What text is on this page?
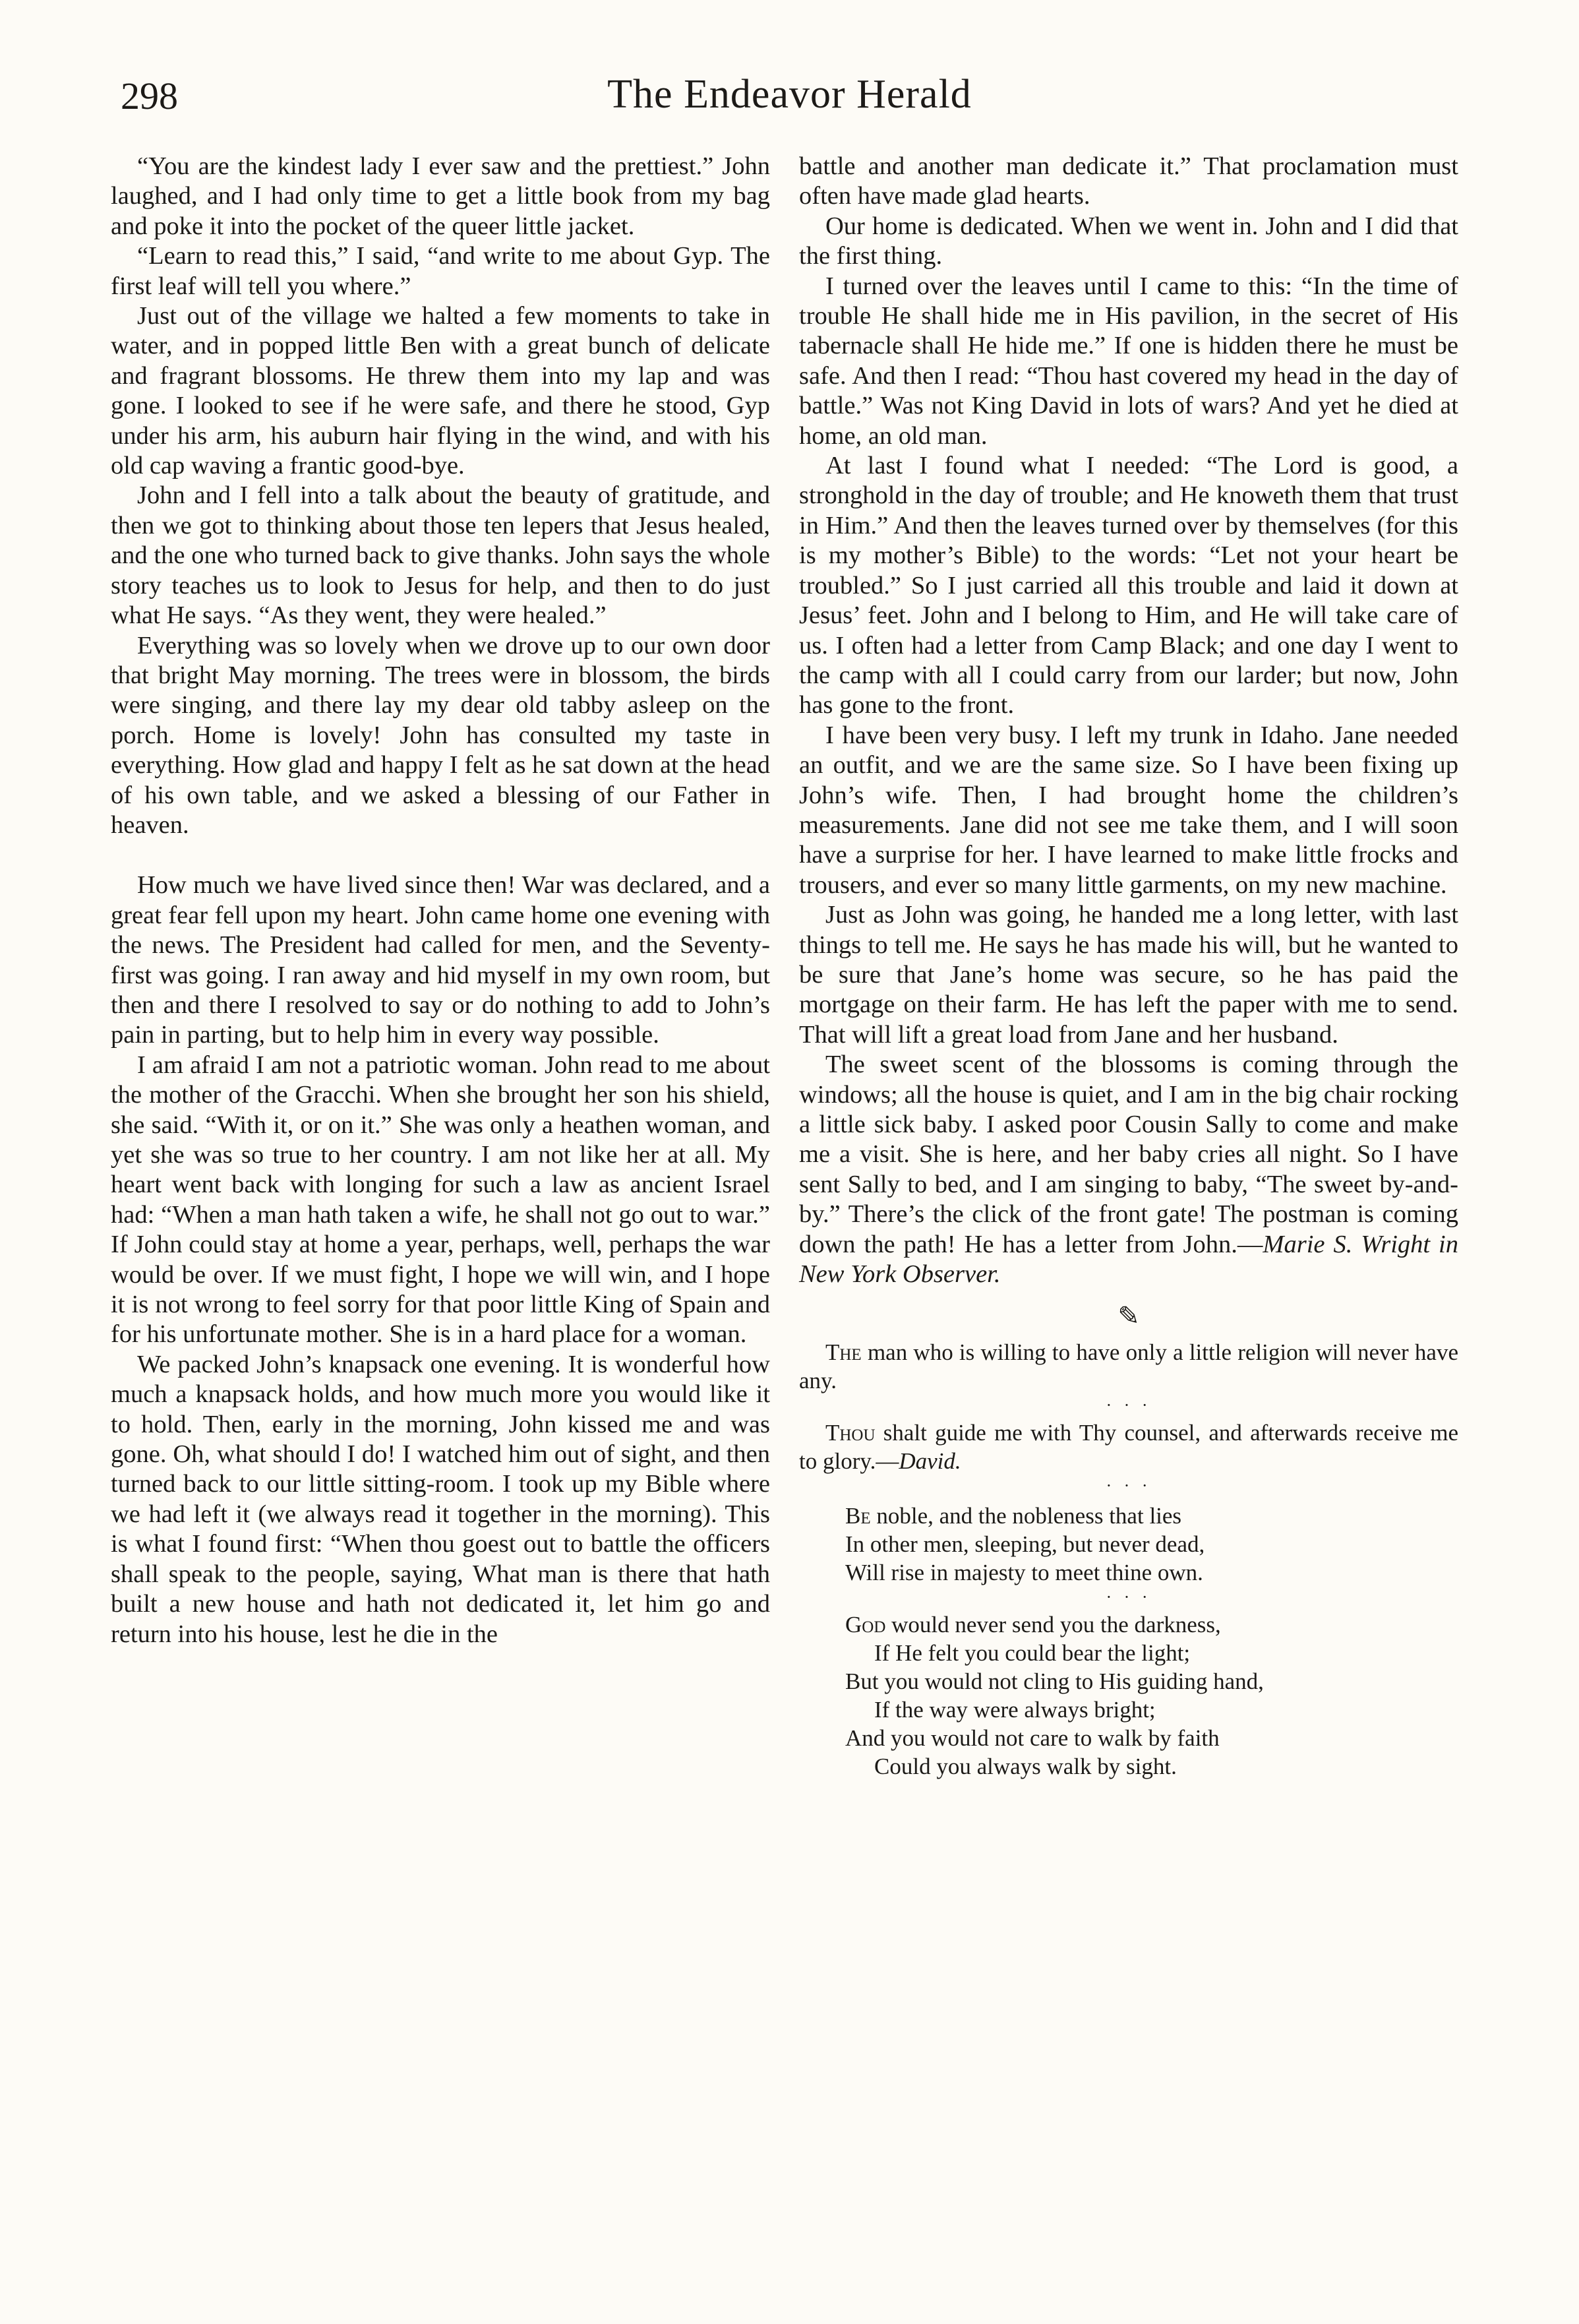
298	The Endeavor Herald

“You are the kindest lady I ever saw and the prettiest.” John laughed, and I had only time to get a little book from my bag and poke it into the pocket of the queer little jacket.

“Learn to read this,” I said, “and write to me about Gyp. The first leaf will tell you where.”

Just out of the village we halted a few moments to take in water, and in popped little Ben with a great bunch of delicate and fragrant blossoms. He threw them into my lap and was gone. I looked to see if he were safe, and there he stood, Gyp under his arm, his auburn hair flying in the wind, and with his old cap waving a frantic good-bye.

John and I fell into a talk about the beauty of gratitude, and then we got to thinking about those ten lepers that Jesus healed, and the one who turned back to give thanks. John says the whole story teaches us to look to Jesus for help, and then to do just what He says. “As they went, they were healed.”

Everything was so lovely when we drove up to our own door that bright May morning. The trees were in blossom, the birds were singing, and there lay my dear old tabby asleep on the porch. Home is lovely! John has consulted my taste in everything. How glad and happy I felt as he sat down at the head of his own table, and we asked a blessing of our Father in heaven.

How much we have lived since then! War was declared, and a great fear fell upon my heart. John came home one evening with the news. The President had called for men, and the Seventy-first was going. I ran away and hid myself in my own room, but then and there I resolved to say or do nothing to add to John’s pain in parting, but to help him in every way possible.

I am afraid I am not a patriotic woman. John read to me about the mother of the Gracchi. When she brought her son his shield, she said. “With it, or on it.” She was only a heathen woman, and yet she was so true to her country. I am not like her at all. My heart went back with longing for such a law as ancient Israel had: “When a man hath taken a wife, he shall not go out to war.” If John could stay at home a year, perhaps, well, perhaps the war would be over. If we must fight, I hope we will win, and I hope it is not wrong to feel sorry for that poor little King of Spain and for his unfortunate mother. She is in a hard place for a woman.

We packed John’s knapsack one evening. It is wonderful how much a knapsack holds, and how much more you would like it to hold. Then, early in the morning, John kissed me and was gone. Oh, what should I do! I watched him out of sight, and then turned back to our little sitting-room. I took up my Bible where we had left it (we always read it together in the morning). This is what I found first: “When thou goest out to battle the officers shall speak to the people, saying, What man is there that hath built a new house and hath not dedicated it, let him go and return into his house, lest he die in the

battle and another man dedicate it.” That proclamation must often have made glad hearts.

Our home is dedicated. When we went in. John and I did that the first thing.

I turned over the leaves until I came to this: “In the time of trouble He shall hide me in His pavilion, in the secret of His tabernacle shall He hide me.” If one is hidden there he must be safe. And then I read: “Thou hast covered my head in the day of battle.” Was not King David in lots of wars? And yet he died at home, an old man.

At last I found what I needed: “The Lord is good, a stronghold in the day of trouble; and He knoweth them that trust in Him.” And then the leaves turned over by themselves (for this is my mother’s Bible) to the words: “Let not your heart be troubled.” So I just carried all this trouble and laid it down at Jesus’ feet. John and I belong to Him, and He will take care of us. I often had a letter from Camp Black; and one day I went to the camp with all I could carry from our larder; but now, John has gone to the front.

I have been very busy. I left my trunk in Idaho. Jane needed an outfit, and we are the same size. So I have been fixing up John’s wife. Then, I had brought home the children’s measurements. Jane did not see me take them, and I will soon have a surprise for her. I have learned to make little frocks and trousers, and ever so many little garments, on my new machine.

Just as John was going, he handed me a long letter, with last things to tell me. He says he has made his will, but he wanted to be sure that Jane’s home was secure, so he has paid the mortgage on their farm. He has left the paper with me to send. That will lift a great load from Jane and her husband.

The sweet scent of the blossoms is coming through the windows; all the house is quiet, and I am in the big chair rocking a little sick baby. I asked poor Cousin Sally to come and make me a visit. She is here, and her baby cries all night. So I have sent Sally to bed, and I am singing to baby, “The sweet by-and-by.” There’s the click of the front gate! The postman is coming down the path! He has a letter from John.—Marie S. Wright in New York Observer.

✎

The man who is willing to have only a little religion will never have any.

· · ·

Thou shalt guide me with Thy counsel, and afterwards receive me to glory.—David.

· · ·
Be noble, and the nobleness that lies
In other men, sleeping, but never dead,
Will rise in majesty to meet thine own.
· · ·
God would never send you the darkness,
If He felt you could bear the light;
But you would not cling to His guiding hand,
If the way were always bright;
And you would not care to walk by faith
Could you always walk by sight.
